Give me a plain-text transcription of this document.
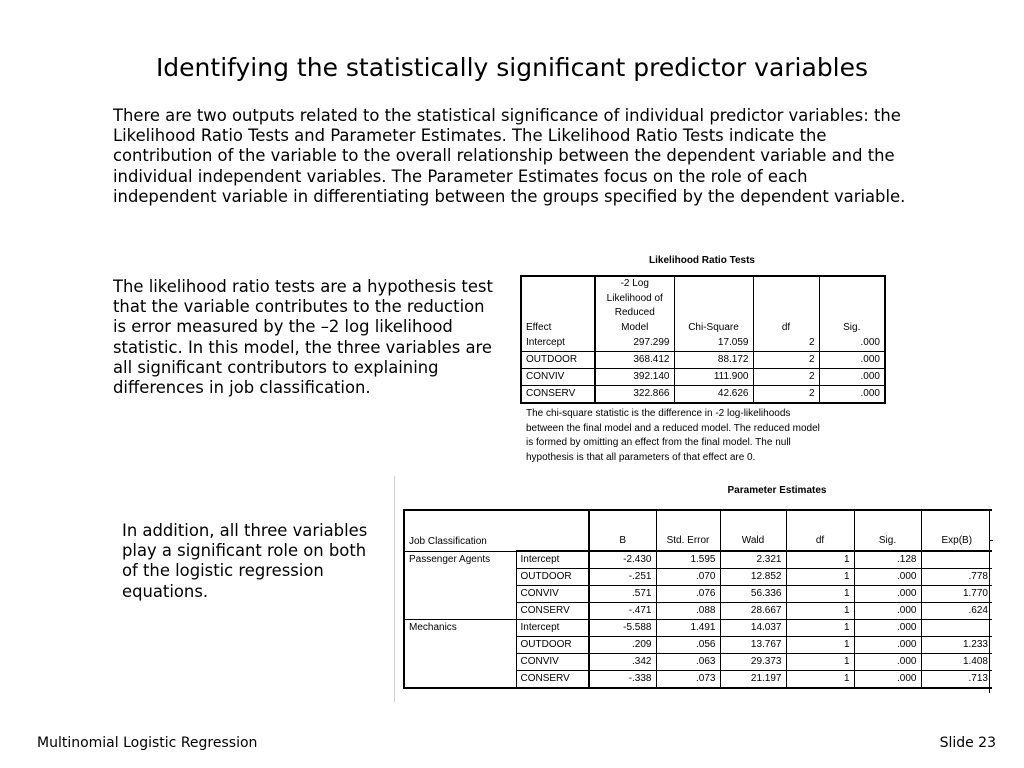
Identifying the statistically significant predictor variables
There are two outputs related to the statistical significance of individual predictor variables: the Likelihood Ratio Tests and Parameter Estimates. The Likelihood Ratio Tests indicate the contribution of the variable to the overall relationship between the dependent variable and the individual independent variables. The Parameter Estimates focus on the role of each independent variable in differentiating between the groups specified by the dependent variable.
The likelihood ratio tests are a hypothesis test that the variable contributes to the reduction is error measured by the –2 log likelihood statistic. In this model, the three variables are all significant contributors to explaining differences in job classification.
In addition, all three variables play a significant role on both of the logistic regression equations.
Likelihood Ratio Tests
Effect	-2 Log
Likelihood of
Reduced
Model	Chi-Square	df	Sig.
Intercept	297.299	17.059	2	.000
OUTDOOR	368.412	88.172	2	.000
CONVIV	392.140	111.900	2	.000
CONSERV	322.866	42.626	2	.000
The chi-square statistic is the difference in -2 log-likelihoods
between the final model and a reduced model. The reduced model
is formed by omitting an effect from the final model. The null
hypothesis is that all parameters of that effect are 0.
Parameter Estimates
Job Classification		B	Std. Error	Wald	df	Sig.	Exp(B)
Passenger Agents	Intercept	-2.430	1.595	2.321	1	.128	
	OUTDOOR	-.251	.070	12.852	1	.000	.778
	CONVIV	.571	.076	56.336	1	.000	1.770
	CONSERV	-.471	.088	28.667	1	.000	.624
Mechanics	Intercept	-5.588	1.491	14.037	1	.000	
	OUTDOOR	.209	.056	13.767	1	.000	1.233
	CONVIV	.342	.063	29.373	1	.000	1.408
	CONSERV	-.338	.073	21.197	1	.000	.713
Multinomial Logistic Regression	Slide 23
